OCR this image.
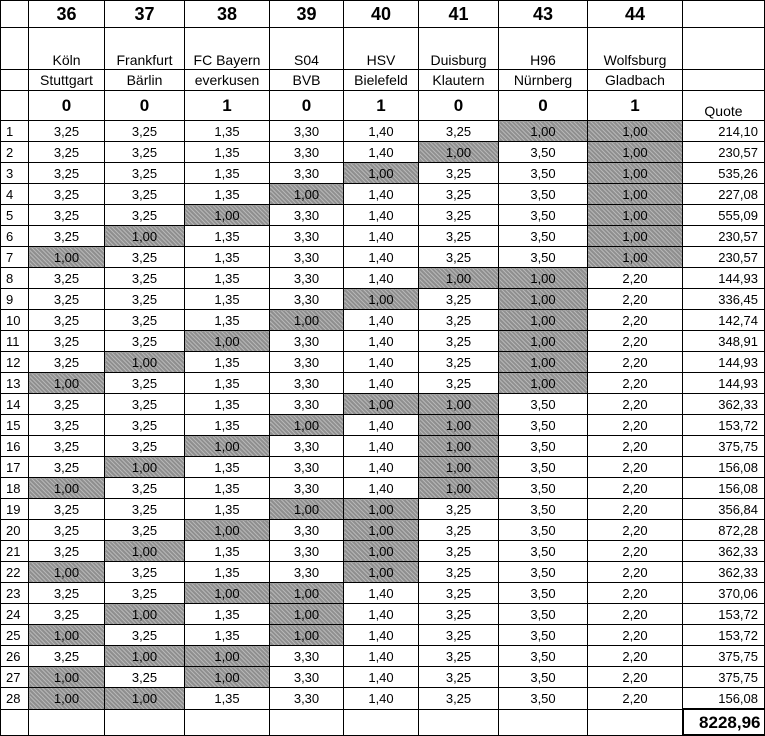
	36	37	38	39	40	41	43	44	
	Köln	Frankfurt	FC Bayern	S04	HSV	Duisburg	H96	Wolfsburg	
	Stuttgart	Bärlin	everkusen	BVB	Bielefeld	Klautern	Nürnberg	Gladbach	
	0	0	1	0	1	0	0	1	Quote
1	3,25	3,25	1,35	3,30	1,40	3,25	1,00	1,00	214,10
2	3,25	3,25	1,35	3,30	1,40	1,00	3,50	1,00	230,57
3	3,25	3,25	1,35	3,30	1,00	3,25	3,50	1,00	535,26
4	3,25	3,25	1,35	1,00	1,40	3,25	3,50	1,00	227,08
5	3,25	3,25	1,00	3,30	1,40	3,25	3,50	1,00	555,09
6	3,25	1,00	1,35	3,30	1,40	3,25	3,50	1,00	230,57
7	1,00	3,25	1,35	3,30	1,40	3,25	3,50	1,00	230,57
8	3,25	3,25	1,35	3,30	1,40	1,00	1,00	2,20	144,93
9	3,25	3,25	1,35	3,30	1,00	3,25	1,00	2,20	336,45
10	3,25	3,25	1,35	1,00	1,40	3,25	1,00	2,20	142,74
11	3,25	3,25	1,00	3,30	1,40	3,25	1,00	2,20	348,91
12	3,25	1,00	1,35	3,30	1,40	3,25	1,00	2,20	144,93
13	1,00	3,25	1,35	3,30	1,40	3,25	1,00	2,20	144,93
14	3,25	3,25	1,35	3,30	1,00	1,00	3,50	2,20	362,33
15	3,25	3,25	1,35	1,00	1,40	1,00	3,50	2,20	153,72
16	3,25	3,25	1,00	3,30	1,40	1,00	3,50	2,20	375,75
17	3,25	1,00	1,35	3,30	1,40	1,00	3,50	2,20	156,08
18	1,00	3,25	1,35	3,30	1,40	1,00	3,50	2,20	156,08
19	3,25	3,25	1,35	1,00	1,00	3,25	3,50	2,20	356,84
20	3,25	3,25	1,00	3,30	1,00	3,25	3,50	2,20	872,28
21	3,25	1,00	1,35	3,30	1,00	3,25	3,50	2,20	362,33
22	1,00	3,25	1,35	3,30	1,00	3,25	3,50	2,20	362,33
23	3,25	3,25	1,00	1,00	1,40	3,25	3,50	2,20	370,06
24	3,25	1,00	1,35	1,00	1,40	3,25	3,50	2,20	153,72
25	1,00	3,25	1,35	1,00	1,40	3,25	3,50	2,20	153,72
26	3,25	1,00	1,00	3,30	1,40	3,25	3,50	2,20	375,75
27	1,00	3,25	1,00	3,30	1,40	3,25	3,50	2,20	375,75
28	1,00	1,00	1,35	3,30	1,40	3,25	3,50	2,20	156,08
									8228,96
